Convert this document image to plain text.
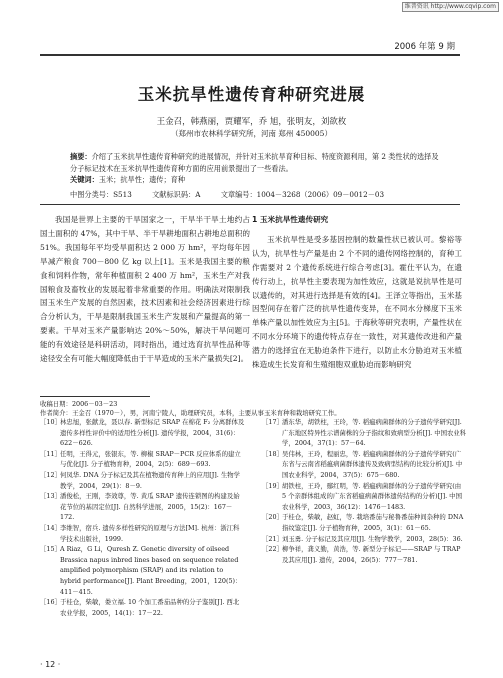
维普资讯 http://www.cqvip.com
2006 年第 9 期
玉米抗旱性遗传育种研究进展
王金召，韩燕丽，贾耀军，乔 旭，张明友，刘欲枚
（郑州市农林科学研究所，河南 郑州 450005）
摘要：介绍了玉米抗旱性遗传育种研究的进展情况，并针对玉米抗旱育种目标、特度资源利用，第 2 类性状的选择及分子标记技术在玉米抗旱性遗传育种方面的应用前景提出了一些看法。
关键词：玉米；抗旱性；遗传；育种
中图分类号：S513	文献标识码：A	文章编号：1004－3268（2006）09－0012－03

我国是世界上主要的干旱国家之一，干旱半干旱土地约占国土面积的 47%，其中干旱、半干旱耕地面积占耕地总面积的 51%。我国每年平均受旱面积达 2 000 万 hm²，平均每年因旱减产粮食 700－800 亿 kg 以上[1]。玉米是我国主要的粮食和饲料作物，常年种植面积 2 400 万 hm²，玉米生产对我国粮食及畜牧业的发展起着非常重要的作用。明确法对限制我国玉米生产发展的自然因素，技术因素和社会经济因素进行综合分析认为，干旱是限制我国玉米生产发展和产量提高的第一要素。干旱对玉米产量影响达 20%～50%，解决干旱问题可能的有效途径是科研活动，同时指出，通过选育抗旱性品种等途径安全有可能大幅度降低由于干旱造成的玉米产量损失[2]。

1 玉米抗旱性遗传研究

玉米抗旱性是受多基因控制的数量性状已被认可。黎裕等认为，抗旱性与产量是由 2 个不同的遗传网络控制的，育种工作需要对 2 个遗传系统进行综合考虑[3]。霍仕平认为，在遗传行动上，抗旱性主要表现为加性效应，这就是说抗旱性是可以遗传的，对其进行选择是有效的[4]。王泽立等指出，玉米基因型间存在着广泛的抗旱性遗传变异，在不同水分梯度下玉米单株产量以加性效应为主[5]。于海秋等研究表明，产量性状在不同水分环境下的遗传特点存在一致性，对其遗传改进和产量潜力的选择宜在无胁迫条件下进行，以防止水分胁迫对玉米植株造成生长发育和生殖细胞双重胁迫而影响研究

收稿日期：2006－03－23
作者简介：王金召（1970－），男，河南宁陵人，助理研究员，本科，主要从事玉米育种和栽培研究工作。
［10］ 林忠旭，张献龙，聂以春. 新型标记 SRAP 在棉花 F₂ 分离群体及遗传多样性评价中的适用性分析[J]. 遗传学报，2004，31(6)：622－626.
［11］ 任明，王得元，张银东，等. 柳椒 SRAP－PCR 反应体系的建立与优化[J]. 分子植物育种，2004，2(5)：689－693.
［12］ 何凤华. DNA 分子标记及其在植物遗传育种上的应用[J]. 生物学教学，2004，29(1)：8－9.
［13］ 潘俊松，王刚，李效尊，等. 黄瓜 SRAP 遗传连锁图的构建及始花节位的基因定位[J]. 自然科学进展，2005，15(2)：167－172.
［14］ 李维智，宿兵. 遗传多样性研究的原理与方法[M]. 杭州：浙江科学技术出版社，1999.
［15］ A Riaz，G Li，Quresh Z. Genetic diversity of oilseed Brassica napus inbred lines based on sequence related amplified polymorphism (SRAP) and its relation to hybrid performance[J]. Plant Breeding，2001，120(5)：411－415.
［16］ 于桂仓，柴敏，娄立福. 10 个加工番茄品种的分子鉴别[J]. 西北农业学报，2005，14(1)：17－22.
［17］ 潘东华，胡铁柱，王玲，等. 稻瘟病菌群体的分子遗传学研究[J]. 广东地区特异性示谱菌株的分子指纹和致病型分析[J]. 中国农业科学，2004，37(1)：57－64.
［18］ 吴伟林，王玲，程丽忠，等. 稻瘟病菌群体的分子遗传学研究(广东省与云南省稻瘟病菌群体遗传及致病型结构的比较分析)[J]. 中国农业科学，2004，37(5)：675－680.
［19］ 胡铁柱，王玲，鄢红明，等. 稻瘟病菌群体的分子遗传学研究(由 5 个亲群体组成的广东省稻瘟病菌群体遗传结构的分析)[J]. 中国农业科学，2003，36(12)：1476－1483.
［20］ 于桂仓，柴敏，赵虹，等. 栽培番茄与秘鲁番茄种间杂种的 DNA 指纹鉴定[J]. 分子植物育种，2005，3(1)：61－65.
［21］ 刘玉勇. 分子标记及其应用[J]. 生物学教学，2003，28(5)：36.
［22］ 柳争祥，龚义勤，黄浩，等. 新型分子标记——SRAP 与 TRAP 及其应用[J]. 遗传，2004，26(5)：777－781.
· 12 ·
